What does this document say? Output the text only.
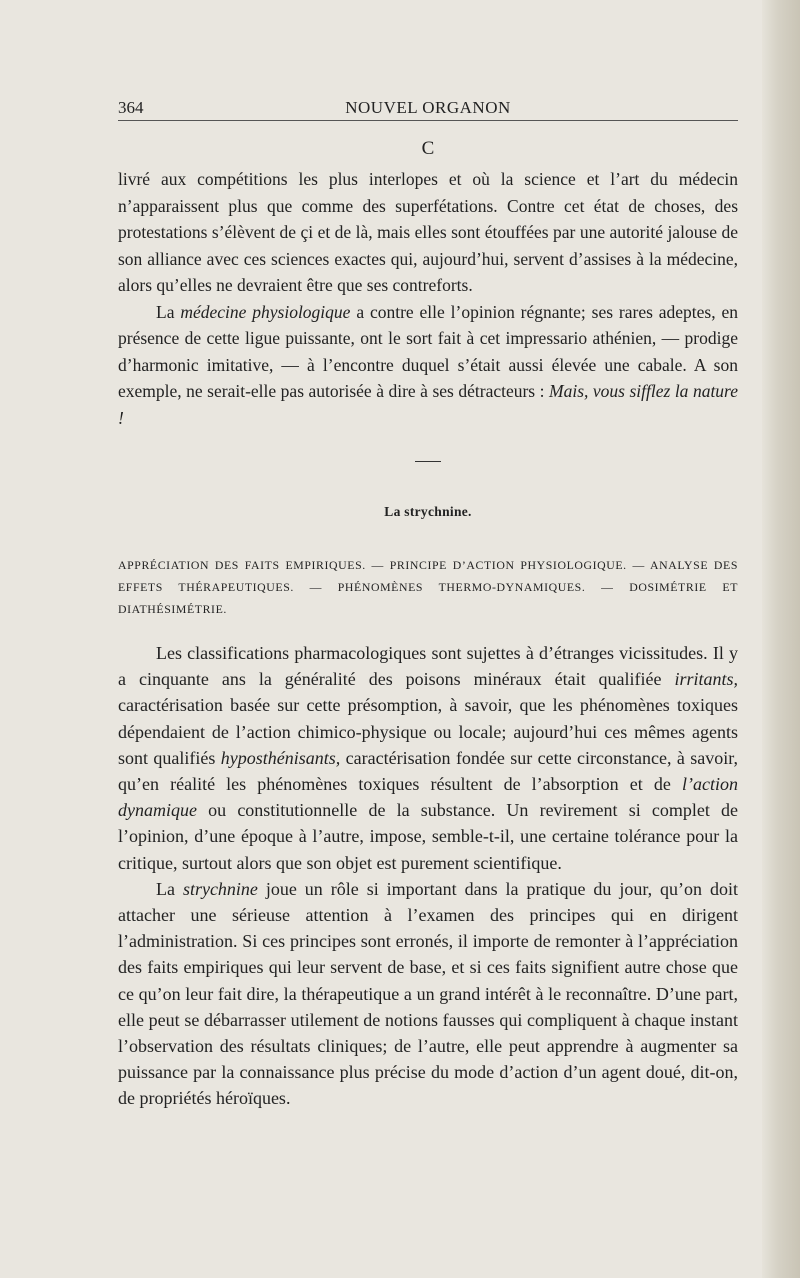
364	NOUVEL ORGANON
C

livré aux compétitions les plus interlopes et où la science et l’art du médecin n’apparaissent plus que comme des superfétations. Contre cet état de choses, des protestations s’élèvent de çi et de là, mais elles sont étouffées par une autorité jalouse de son alliance avec ces sciences exactes qui, aujourd’hui, servent d’assises à la médecine, alors qu’elles ne devraient être que ses contreforts.

La médecine physiologique a contre elle l’opinion régnante; ses rares adeptes, en présence de cette ligue puissante, ont le sort fait à cet impressario athénien, — prodige d’harmonic imitative, — à l’encontre duquel s’était aussi élevée une cabale. A son exemple, ne serait-elle pas autorisée à dire à ses détracteurs : Mais, vous sifflez la nature !

La strychnine.
APPRÉCIATION DES FAITS EMPIRIQUES. — PRINCIPE D’ACTION PHYSIOLOGIQUE. — ANALYSE DES EFFETS THÉRAPEUTIQUES. — PHÉNOMÈNES THERMO-DYNAMIQUES. — DOSIMÉTRIE ET DIATHÉSIMÉTRIE.

Les classifications pharmacologiques sont sujettes à d’étranges vicissitudes. Il y a cinquante ans la généralité des poisons minéraux était qualifiée irritants, caractérisation basée sur cette présomption, à savoir, que les phénomènes toxiques dépendaient de l’action chimico-physique ou locale; aujourd’hui ces mêmes agents sont qualifiés hyposthénisants, caractérisation fondée sur cette circonstance, à savoir, qu’en réalité les phénomènes toxiques résultent de l’absorption et de l’action dynamique ou constitutionnelle de la substance. Un revirement si complet de l’opinion, d’une époque à l’autre, impose, semble-t-il, une certaine tolérance pour la critique, surtout alors que son objet est purement scientifique.

La strychnine joue un rôle si important dans la pratique du jour, qu’on doit attacher une sérieuse attention à l’examen des principes qui en dirigent l’administration. Si ces principes sont erronés, il importe de remonter à l’appréciation des faits empiriques qui leur servent de base, et si ces faits signifient autre chose que ce qu’on leur fait dire, la thérapeutique a un grand intérêt à le reconnaître. D’une part, elle peut se débarrasser utilement de notions fausses qui compliquent à chaque instant l’observation des résultats cliniques; de l’autre, elle peut apprendre à augmenter sa puissance par la connaissance plus précise du mode d’action d’un agent doué, dit-on, de propriétés héroïques.
